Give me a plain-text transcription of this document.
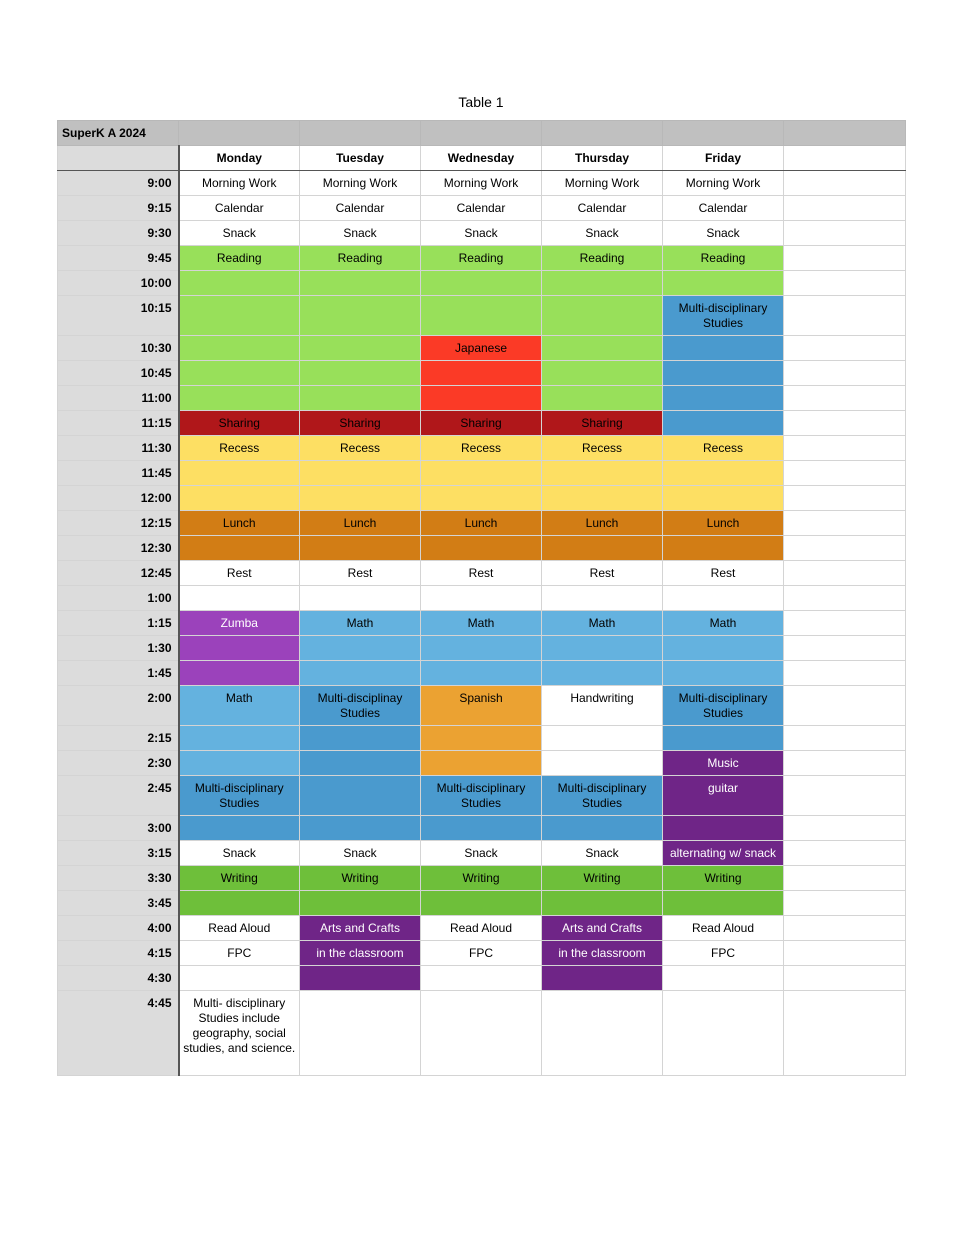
Table 1
SuperK A 2024						
	Monday	Tuesday	Wednesday	Thursday	Friday	
9:00	Morning Work	Morning Work	Morning Work	Morning Work	Morning Work	
9:15	Calendar	Calendar	Calendar	Calendar	Calendar	
9:30	Snack	Snack	Snack	Snack	Snack	
9:45	Reading	Reading	Reading	Reading	Reading	
10:00						
10:15					Multi-disciplinary Studies	
10:30			Japanese			
10:45						
11:00						
11:15	Sharing	Sharing	Sharing	Sharing		
11:30	Recess	Recess	Recess	Recess	Recess	
11:45						
12:00						
12:15	Lunch	Lunch	Lunch	Lunch	Lunch	
12:30						
12:45	Rest	Rest	Rest	Rest	Rest	
1:00						
1:15	Zumba	Math	Math	Math	Math	
1:30						
1:45						
2:00	Math	Multi-disciplinay Studies	Spanish	Handwriting	Multi-disciplinary Studies	
2:15						
2:30					Music	
2:45	Multi-disciplinary Studies		Multi-disciplinary Studies	Multi-disciplinary Studies	guitar	
3:00						
3:15	Snack	Snack	Snack	Snack	alternating w/ snack	
3:30	Writing	Writing	Writing	Writing	Writing	
3:45						
4:00	Read Aloud	Arts and Crafts	Read Aloud	Arts and Crafts	Read Aloud	
4:15	FPC	in the classroom	FPC	in the classroom	FPC	
4:30						
4:45	Multi- disciplinary Studies include geography, social studies, and science.					
